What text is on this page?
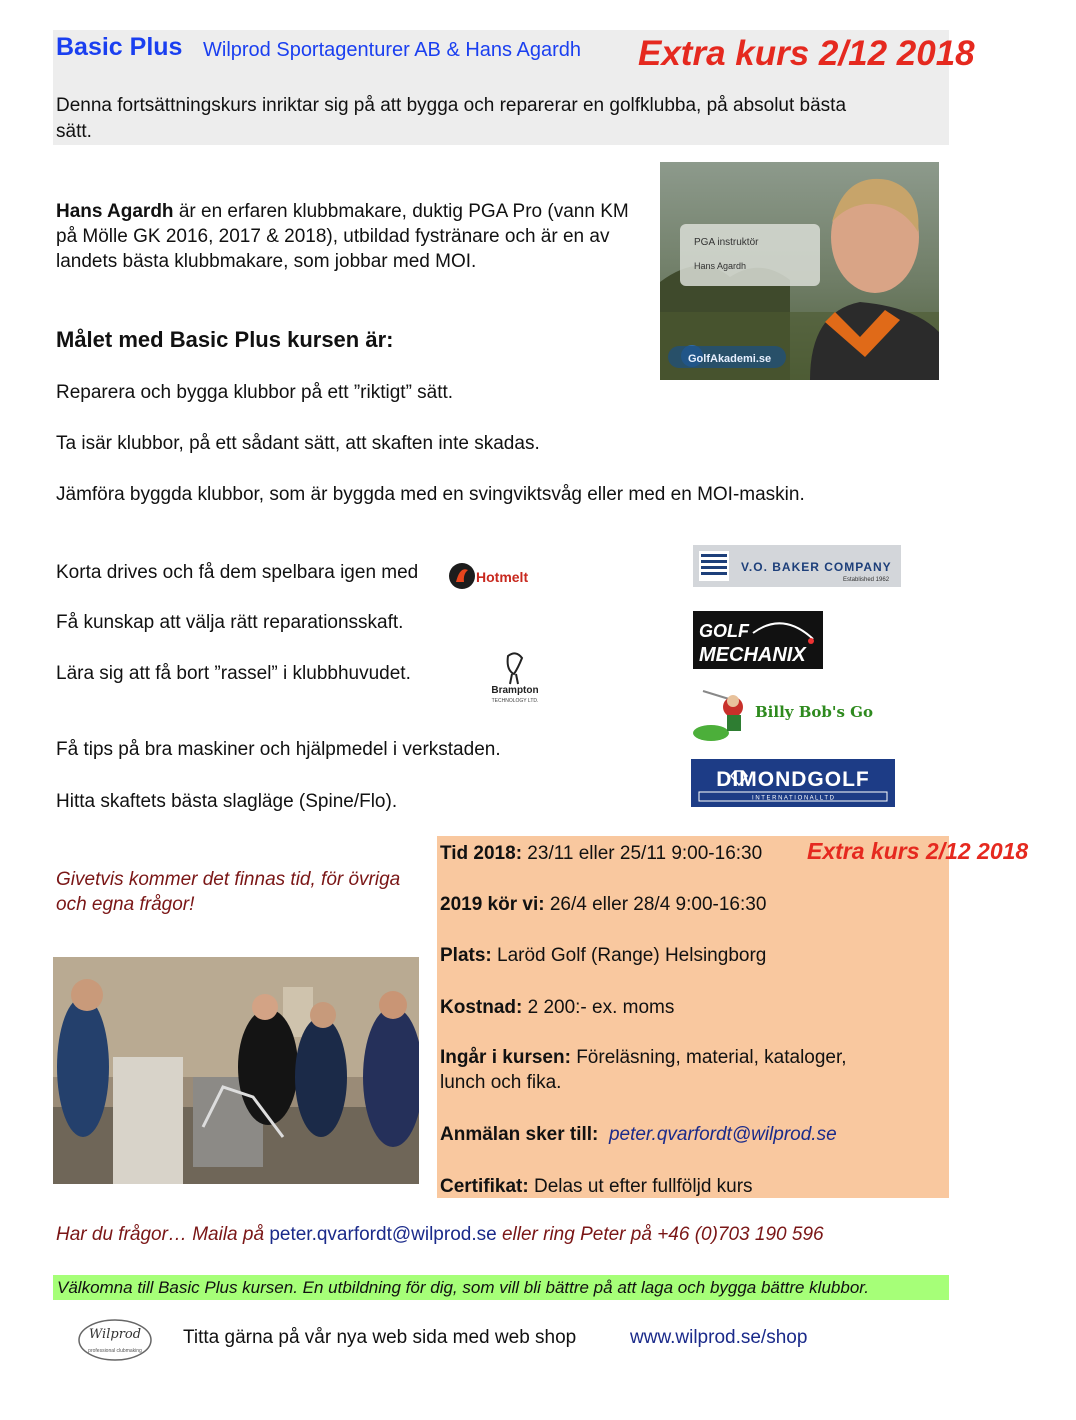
Basic Plus Wilprod Sportagenturer AB & Hans Agardh Extra kurs 2/12 2018
Denna fortsättningskurs inriktar sig på att bygga och reparerar en golfklubba, på absolut bästa sätt.
Hans Agardh är en erfaren klubbmakare, duktig PGA Pro (vann KM på Mölle GK 2016, 2017 & 2018), utbildad fystränare och är en av landets bästa klubbmakare, som jobbar med MOI.
PGA instruktör
Hans Agardh
GolfAkademi.se
Målet med Basic Plus kursen är:
Reparera och bygga klubbor på ett ”riktigt” sätt.
Ta isär klubbor, på ett sådant sätt, att skaften inte skadas.
Jämföra byggda klubbor, som är byggda med en svingviktsvåg eller med en MOI-maskin.
Korta drives och få dem spelbara igen med
Få kunskap att välja rätt reparationsskaft.
Lära sig att få bort ”rassel” i klubbhuvudet.
Få tips på bra maskiner och hjälpmedel i verkstaden.
Hitta skaftets bästa slagläge (Spine/Flo).
Hotmelt
Brampton
TECHNOLOGY LTD.
V.O. BAKER COMPANY
Established 1962
GOLF
MECHANIX
Billy Bob's Golf
DIMONDGOLF
I N T E R N A T I O N A L L T D
Givetvis kommer det finnas tid, för övriga och egna frågor!
Extra kurs 2/12 2018
Tid 2018: 23/11 eller 25/11 9:00-16:30
2019 kör vi: 26/4 eller 28/4 9:00-16:30
Plats: Laröd Golf (Range) Helsingborg
Kostnad: 2 200:- ex. moms
Ingår i kursen: Föreläsning, material, kataloger,
lunch och fika.
Anmälan sker till: peter.qvarfordt@wilprod.se
Certifikat: Delas ut efter fullföljd kurs
Har du frågor… Maila på peter.qvarfordt@wilprod.se eller ring Peter på +46 (0)703 190 596
Välkomna till Basic Plus kursen. En utbildning för dig, som vill bli bättre på att laga och bygga bättre klubbor.
Wilprod
professional clubmaking
Titta gärna på vår nya web sida med web shop	www.wilprod.se/shop
